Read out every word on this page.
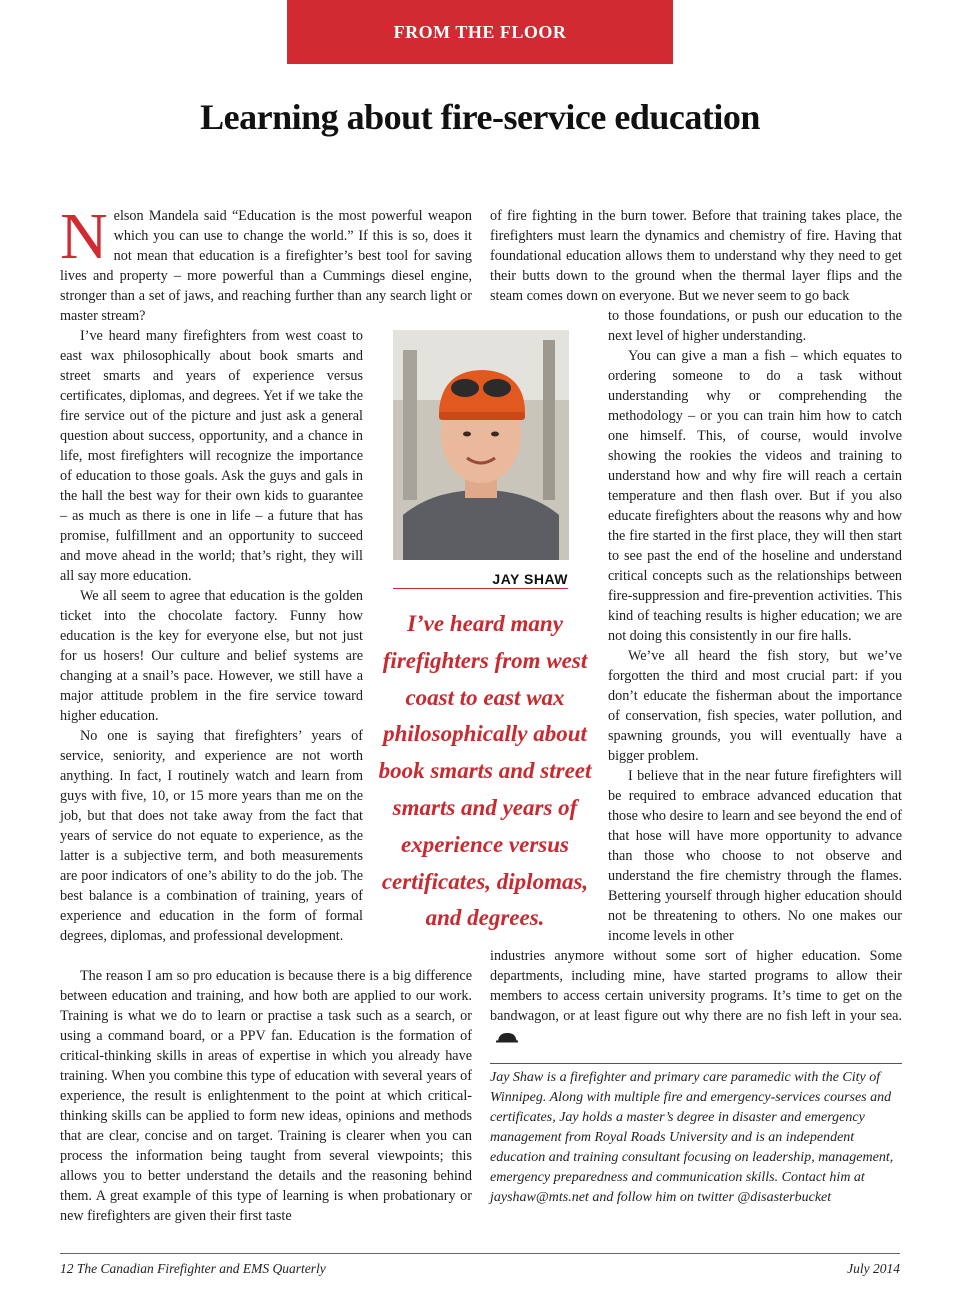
FROM THE FLOOR
Learning about fire-service education
N elson Mandela said “Education is the most powerful weapon which you can use to change the world.” If this is so, does it not mean that education is a firefighter’s best tool for saving lives and property – more powerful than a Cummings diesel engine, stronger than a set of jaws, and reaching further than any search light or master stream?

I’ve heard many firefighters from west coast to east wax philosophically about book smarts and street smarts and years of experience versus certificates, diplomas, and degrees. Yet if we take the fire service out of the picture and just ask a general question about success, opportunity, and a chance in life, most firefighters will recognize the importance of education to those goals. Ask the guys and gals in the hall the best way for their own kids to guarantee – as much as there is one in life – a future that has promise, fulfillment and an opportunity to succeed and move ahead in the world; that’s right, they will all say more education.

We all seem to agree that education is the golden ticket into the chocolate factory. Funny how education is the key for everyone else, but not just for us hosers! Our culture and belief systems are changing at a snail’s pace. However, we still have a major attitude problem in the fire service toward higher education.

No one is saying that firefighters’ years of service, seniority, and experience are not worth anything. In fact, I routinely watch and learn from guys with five, 10, or 15 more years than me on the job, but that does not take away from the fact that years of service do not equate to experience, as the latter is a subjective term, and both measurements are poor indicators of one’s ability to do the job. The best balance is a combination of training, years of experience and education in the form of formal degrees, diplomas, and professional development.

The reason I am so pro education is because there is a big difference between education and training, and how both are applied to our work. Training is what we do to learn or practise a task such as a search, or using a command board, or a PPV fan. Education is the formation of critical-thinking skills in areas of expertise in which you already have training. When you combine this type of education with several years of experience, the result is enlightenment to the point at which critical-thinking skills can be applied to form new ideas, opinions and methods that are clear, concise and on target. Training is clearer when you can process the information being taught from several viewpoints; this allows you to better understand the details and the reasoning behind them. A great example of this type of learning is when probationary or new firefighters are given their first taste

JAY SHAW
I’ve heard many firefighters from west coast to east wax philosophically about book smarts and street smarts and years of experience versus certificates, diplomas, and degrees.

of fire fighting in the burn tower. Before that training takes place, the firefighters must learn the dynamics and chemistry of fire. Having that foundational education allows them to understand why they need to get their butts down to the ground when the thermal layer flips and the steam comes down on everyone. But we never seem to go back

to those foundations, or push our education to the next level of higher understanding.

You can give a man a fish – which equates to ordering someone to do a task without understanding why or comprehending the methodology – or you can train him how to catch one himself. This, of course, would involve showing the rookies the videos and training to understand how and why fire will reach a certain temperature and then flash over. But if you also educate firefighters about the reasons why and how the fire started in the first place, they will then start to see past the end of the hoseline and understand critical concepts such as the relationships between fire-suppression and fire-prevention activities. This kind of teaching results is higher education; we are not doing this consistently in our fire halls.

We’ve all heard the fish story, but we’ve forgotten the third and most crucial part: if you don’t educate the fisherman about the importance of conservation, fish species, water pollution, and spawning grounds, you will eventually have a bigger problem.

I believe that in the near future firefighters will be required to embrace advanced education that those who desire to learn and see beyond the end of that hose will have more opportunity to advance than those who choose to not observe and understand the fire chemistry through the flames. Bettering yourself through higher education should not be threatening to others. No one makes our income levels in other

industries anymore without some sort of higher education. Some departments, including mine, have started programs to allow their members to access certain university programs. It’s time to get on the bandwagon, or at least figure out why there are no fish left in your sea.

Jay Shaw is a firefighter and primary care paramedic with the City of Winnipeg. Along with multiple fire and emergency-services courses and certificates, Jay holds a master’s degree in disaster and emergency management from Royal Roads University and is an independent education and training consultant focusing on leadership, management, emergency preparedness and communication skills. Contact him at jayshaw@mts.net and follow him on twitter @disasterbucket
12 The Canadian Firefighter and EMS Quarterly	July 2014
